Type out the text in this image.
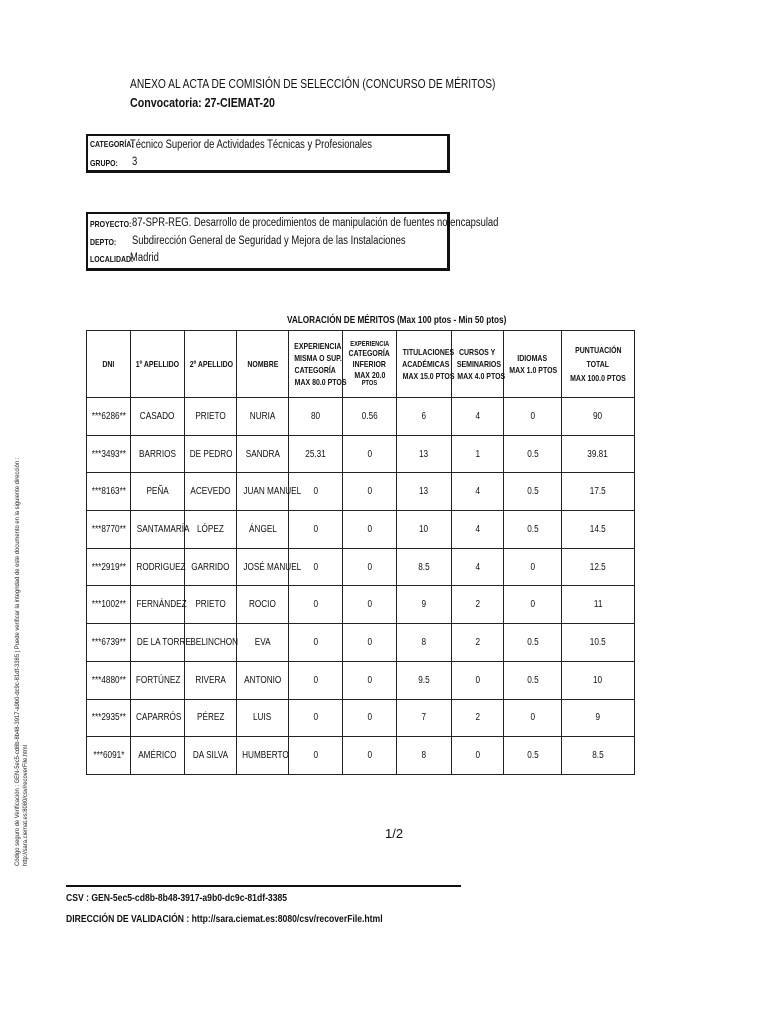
Código seguro de Verificación : GEN-5ec5-cd8b-8b48-3917-a9b0-dc9c-81df-3385 | Puede verificar la integridad de este documento en la siguiente dirección : http://sara.ciemat.es:8080/csv/recoverFile.html
ANEXO AL ACTA DE COMISIÓN DE SELECCIÓN (CONCURSO DE MÉRITOS)
Convocatoria: 27-CIEMAT-20
CATEGORÍA:
Técnico Superior de Actividades Técnicas y Profesionales
GRUPO: 3
PROYECTO: 87-SPR-REG. Desarrollo de procedimientos de manipulación de fuentes no encapsulad
DEPTO: Subdirección General de Seguridad y Mejora de las Instalaciones
LOCALIDAD:
Madrid
VALORACIÓN DE MÉRITOS (Max 100 ptos - Min 50 ptos)
DNI	1º APELLIDO	2º APELLIDO	NOMBRE	EXPERIENCIA
MISMA O SUP.
CATEGORÍA
MAX 80.0 PTOS	EXPERIENCIA
CATEGORÍA
INFERIOR
MAX 20.0
PTOS	TITULACIONES
ACADÉMICAS
MAX 15.0 PTOS	CURSOS Y
SEMINARIOS
MAX 4.0 PTOS	IDIOMAS
MAX 1.0 PTOS	PUNTUACIÓN
TOTAL
MAX 100.0 PTOS

***6286**	CASADO	PRIETO	NURIA	80	0.56	6	4	0	90
***3493**	BARRIOS	DE PEDRO	SANDRA	25.31	0	13	1	0.5	39.81
***8163**	PEÑA	ACEVEDO	JUAN MANUEL	0	0	13	4	0.5	17.5
***8770**	SANTAMARÍA	LÓPEZ	ÁNGEL	0	0	10	4	0.5	14.5
***2919**	RODRIGUEZ	GARRIDO	JOSÉ MANUEL	0	0	8.5	4	0	12.5
***1002**	FERNÁNDEZ	PRIETO	ROCIO	0	0	9	2	0	11
***6739**	DE LA TORRE	BELINCHON	EVA	0	0	8	2	0.5	10.5
***4880**	FORTÚNEZ	RIVERA	ANTONIO	0	0	9.5	0	0.5	10
***2935**	CAPARRÓS	PÉREZ	LUIS	0	0	7	2	0	9
***6091*	AMÉRICO	DA SILVA	HUMBERTO	0	0	8	0	0.5	8.5
1/2
CSV : GEN-5ec5-cd8b-8b48-3917-a9b0-dc9c-81df-3385
DIRECCIÓN DE VALIDACIÓN : http://sara.ciemat.es:8080/csv/recoverFile.html
